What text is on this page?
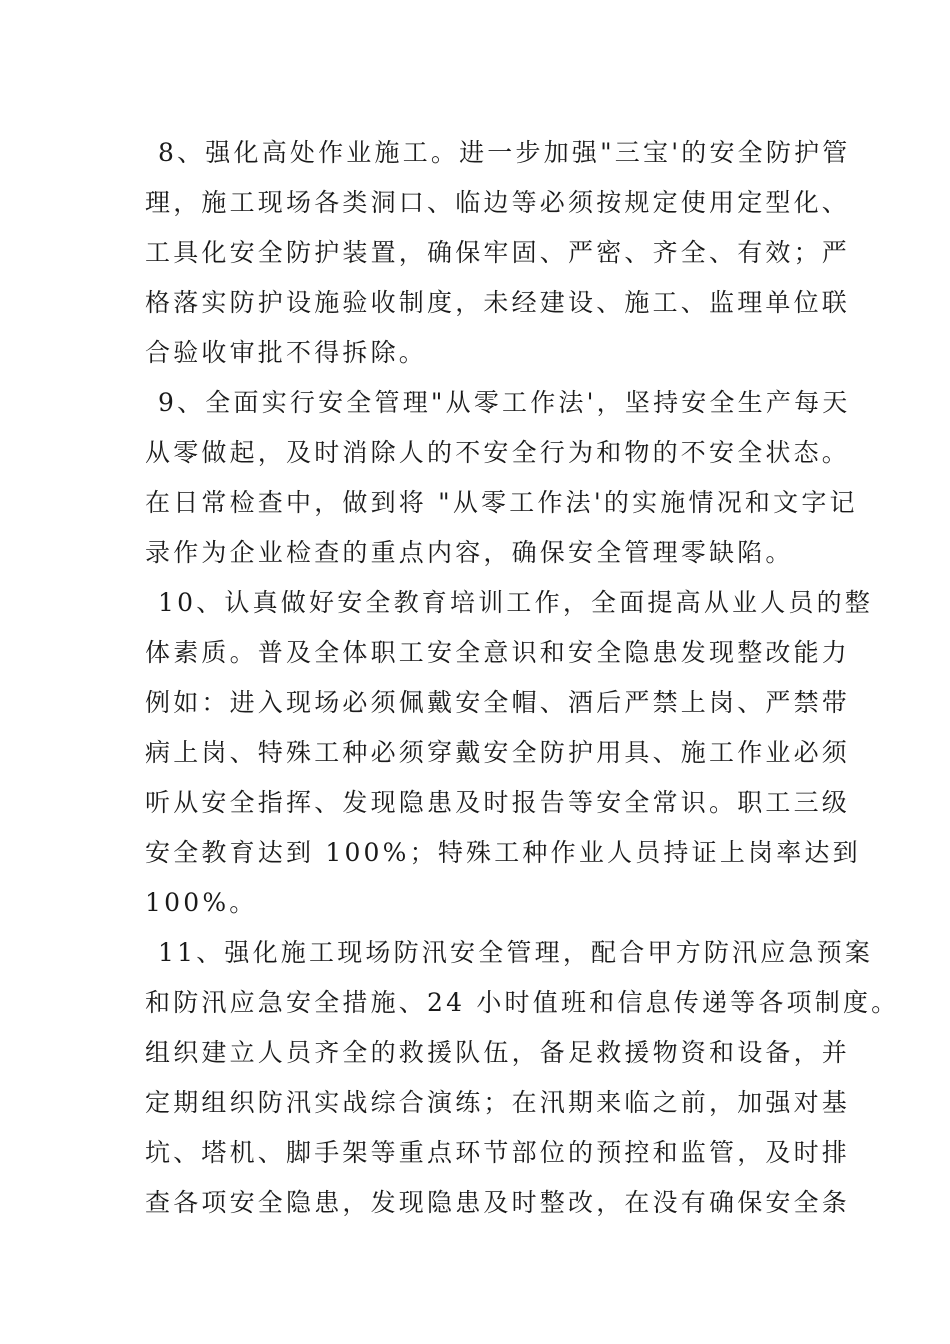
8、强化高处作业施工。进一步加强"三宝'的安全防护管
理，施工现场各类洞口、临边等必须按规定使用定型化、
工具化安全防护装置，确保牢固、严密、齐全、有效；严
格落实防护设施验收制度，未经建设、施工、监理单位联
合验收审批不得拆除。
9、全面实行安全管理"从零工作法'，坚持安全生产每天
从零做起，及时消除人的不安全行为和物的不安全状态。
在日常检查中，做到将 "从零工作法'的实施情况和文字记
录作为企业检查的重点内容，确保安全管理零缺陷。
10、认真做好安全教育培训工作，全面提高从业人员的整
体素质。普及全体职工安全意识和安全隐患发现整改能力
例如：进入现场必须佩戴安全帽、酒后严禁上岗、严禁带
病上岗、特殊工种必须穿戴安全防护用具、施工作业必须
听从安全指挥、发现隐患及时报告等安全常识。职工三级
安全教育达到 100%；特殊工种作业人员持证上岗率达到
100%。
11、强化施工现场防汛安全管理，配合甲方防汛应急预案
和防汛应急安全措施、24 小时值班和信息传递等各项制度。
组织建立人员齐全的救援队伍，备足救援物资和设备，并
定期组织防汛实战综合演练；在汛期来临之前，加强对基
坑、塔机、脚手架等重点环节部位的预控和监管，及时排
查各项安全隐患，发现隐患及时整改，在没有确保安全条
